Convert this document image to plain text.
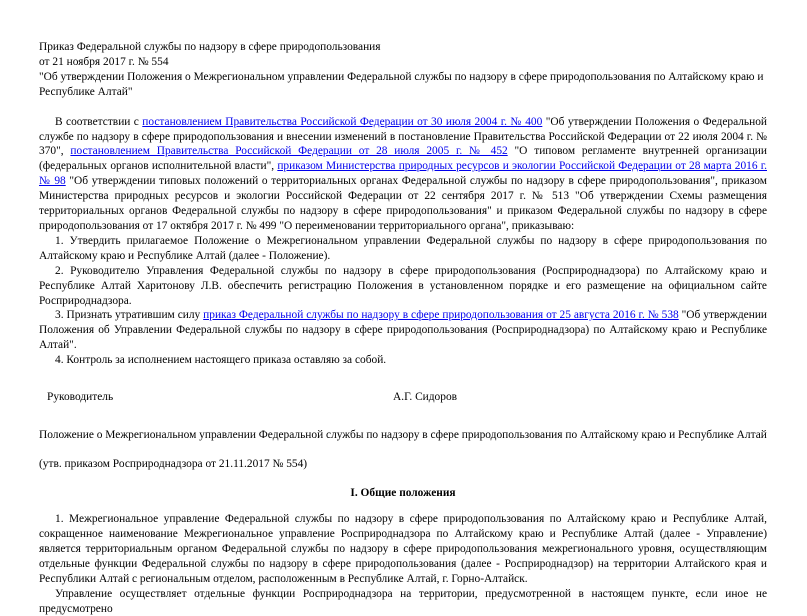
Приказ Федеральной службы по надзору в сфере природопользования

от 21 ноября 2017 г. № 554

"Об утверждении Положения о Межрегиональном управлении Федеральной службы по надзору в сфере природопользования по Алтайскому краю и Республике Алтай"

В соответствии с постановлением Правительства Российской Федерации от 30 июля 2004 г. № 400 "Об утверждении Положения о Федеральной службе по надзору в сфере природопользования и внесении изменений в постановление Правительства Российской Федерации от 22 июля 2004 г. № 370", постановлением Правительства Российской Федерации от 28 июля 2005 г. № 452 "О типовом регламенте внутренней организации (федеральных органов исполнительной власти", приказом Министерства природных ресурсов и экологии Российской Федерации от 28 марта 2016 г. № 98 "Об утверждении типовых положений о территориальных органах Федеральной службы по надзору в сфере природопользования", приказом Министерства природных ресурсов и экологии Российской Федерации от 22 сентября 2017 г. № 513 "Об утверждении Схемы размещения территориальных органов Федеральной службы по надзору в сфере природопользования" и приказом Федеральной службы по надзору в сфере природопользования от 17 октября 2017 г. № 499 "О переименовании территориального органа", приказываю:

1. Утвердить прилагаемое Положение о Межрегиональном управлении Федеральной службы по надзору в сфере природопользования по Алтайскому краю и Республике Алтай (далее - Положение).

2. Руководителю Управления Федеральной службы по надзору в сфере природопользования (Росприроднадзора) по Алтайскому краю и Республике Алтай Харитонову Л.В. обеспечить регистрацию Положения в установленном порядке и его размещение на официальном сайте Росприроднадзора.

3. Признать утратившим силу приказ Федеральной службы по надзору в сфере природопользования от 25 августа 2016 г. № 538 "Об утверждении Положения об Управлении Федеральной службы по надзору в сфере природопользования (Росприроднадзора) по Алтайскому краю и Республике Алтай".

4. Контроль за исполнением настоящего приказа оставляю за собой.

Руководитель	А.Г. Сидоров

Положение о Межрегиональном управлении Федеральной службы по надзору в сфере природопользования по Алтайскому краю и Республике Алтай

(утв. приказом Росприроднадзора от 21.11.2017 № 554)

I. Общие положения

1. Межрегиональное управление Федеральной службы по надзору в сфере природопользования по Алтайскому краю и Республике Алтай, сокращенное наименование Межрегиональное управление Росприроднадзора по Алтайскому краю и Республике Алтай (далее - Управление) является территориальным органом Федеральной службы по надзору в сфере природопользования межрегионального уровня, осуществляющим отдельные функции Федеральной службы по надзору в сфере природопользования (далее - Росприроднадзор) на территории Алтайского края и Республики Алтай с региональным отделом, расположенным в Республике Алтай, г. Горно-Алтайск.

Управление осуществляет отдельные функции Росприроднадзора на территории, предусмотренной в настоящем пункте, если иное не предусмотрено
